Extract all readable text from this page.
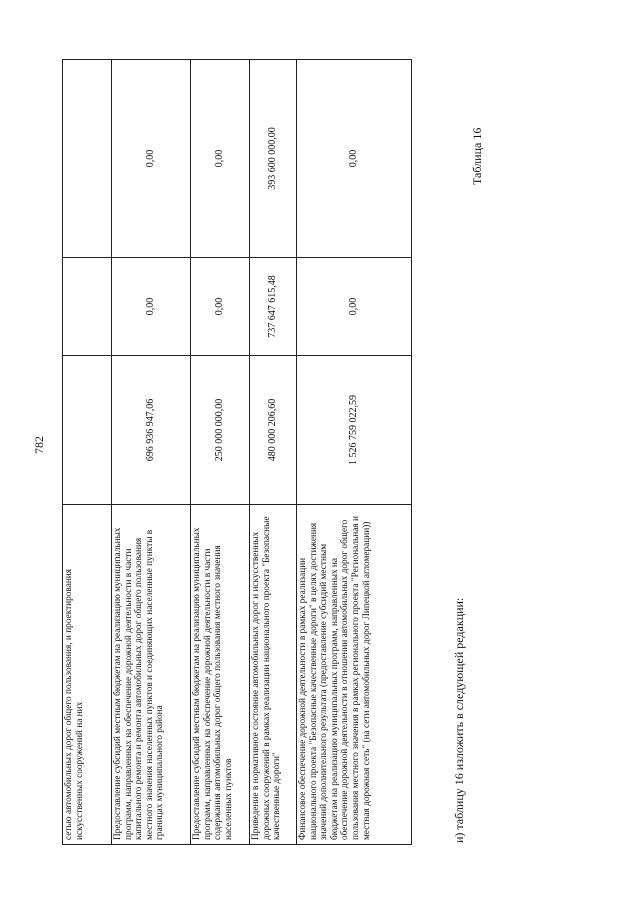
782
сетью автомобильных дорог общего пользования, и проектирования искусственных сооружений на них			
Предоставление субсидий местным бюджетам на реализацию муниципальных программ, направленных на обеспечение дорожной деятельности в части капитального ремонта и ремонта автомобильных дорог общего пользования местного значения населенных пунктов и соединяющих населенные пункты в границах муниципального района	696 936 947,06	0,00	0,00
Предоставление субсидий местным бюджетам на реализацию муниципальных программ, направленных на обеспечение дорожной деятельности в части содержания автомобильных дорог общего пользования местного значения населенных пунктов	250 000 000,00	0,00	0,00
Приведение в нормативное состояние автомобильных дорог и искусственных дорожных сооружений в рамках реализации национального проекта "Безопасные качественные дороги"	480 000 206,60	737 647 615,48	393 600 000,00
Финансовое обеспечение дорожной деятельности в рамках реализации национального проекта "Безопасные качественные дороги" в целях достижения значений дополнительного результата (предоставление субсидий местным бюджетам на реализацию муниципальных программ, направленных на обеспечение дорожной деятельности в отношении автомобильных дорог общего пользования местного значения в рамках регионального проекта "Региональная и местная дорожная сеть" (на сети автомобильных дорог Липецкой агломерации))	1 526 759 022,59	0,00	0,00
и) таблицу 16 изложить в следующей редакции:
Таблица 16
